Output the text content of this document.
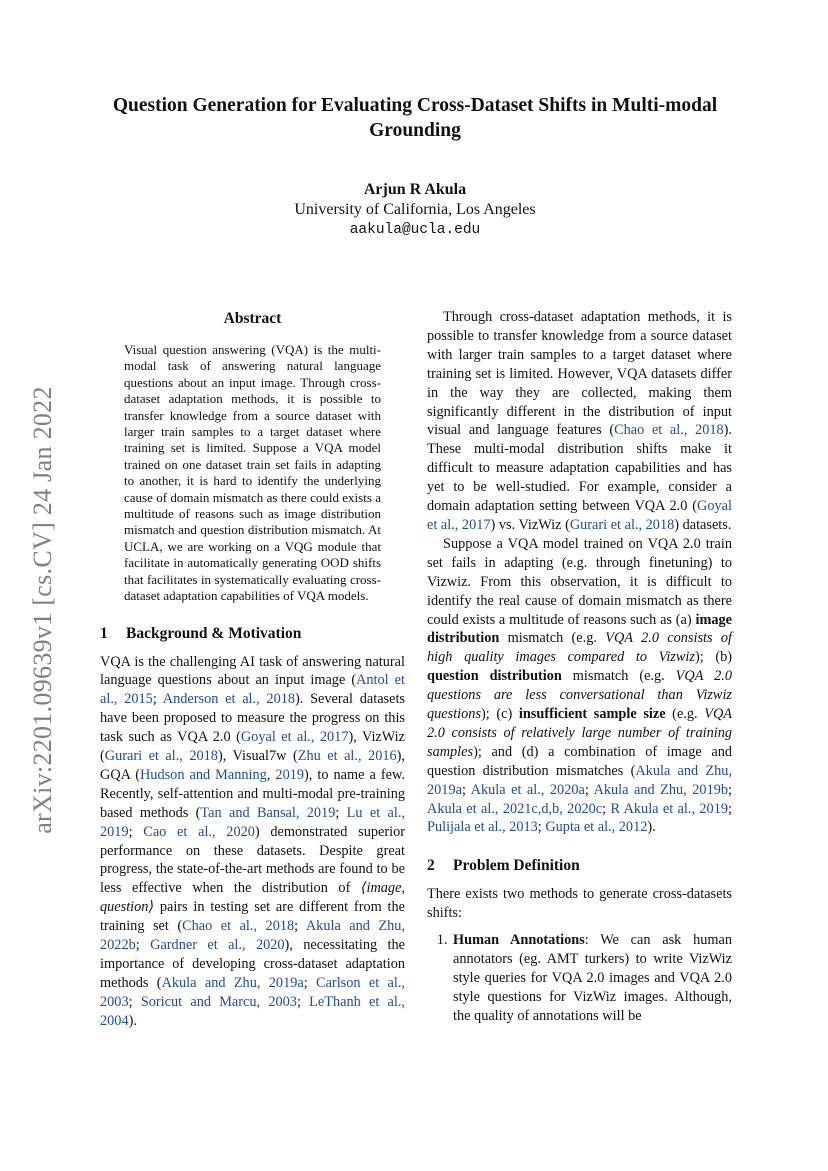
arXiv:2201.09639v1 [cs.CV] 24 Jan 2022
Question Generation for Evaluating Cross-Dataset Shifts in Multi-modal Grounding
Arjun R Akula
University of California, Los Angeles
aakula@ucla.edu
Abstract

Visual question answering (VQA) is the multi-modal task of answering natural language questions about an input image. Through cross-dataset adaptation methods, it is possible to transfer knowledge from a source dataset with larger train samples to a target dataset where training set is limited. Suppose a VQA model trained on one dataset train set fails in adapting to another, it is hard to identify the underlying cause of domain mismatch as there could exists a multitude of reasons such as image distribution mismatch and question distribution mismatch. At UCLA, we are working on a VQG module that facilitate in automatically generating OOD shifts that facilitates in systematically evaluating cross-dataset adaptation capabilities of VQA models.

1 Background & Motivation

VQA is the challenging AI task of answering natural language questions about an input image (Antol et al., 2015; Anderson et al., 2018). Several datasets have been proposed to measure the progress on this task such as VQA 2.0 (Goyal et al., 2017), VizWiz (Gurari et al., 2018), Visual7w (Zhu et al., 2016), GQA (Hudson and Manning, 2019), to name a few. Recently, self-attention and multi-modal pre-training based methods (Tan and Bansal, 2019; Lu et al., 2019; Cao et al., 2020) demonstrated superior performance on these datasets. Despite great progress, the state-of-the-art methods are found to be less effective when the distribution of ⟨image, question⟩ pairs in testing set are different from the training set (Chao et al., 2018; Akula and Zhu, 2022b; Gardner et al., 2020), necessitating the importance of developing cross-dataset adaptation methods (Akula and Zhu, 2019a; Carlson et al., 2003; Soricut and Marcu, 2003; LeThanh et al., 2004).

Through cross-dataset adaptation methods, it is possible to transfer knowledge from a source dataset with larger train samples to a target dataset where training set is limited. However, VQA datasets differ in the way they are collected, making them significantly different in the distribution of input visual and language features (Chao et al., 2018). These multi-modal distribution shifts make it difficult to measure adaptation capabilities and has yet to be well-studied. For example, consider a domain adaptation setting between VQA 2.0 (Goyal et al., 2017) vs. VizWiz (Gurari et al., 2018) datasets.

Suppose a VQA model trained on VQA 2.0 train set fails in adapting (e.g. through finetuning) to Vizwiz. From this observation, it is difficult to identify the real cause of domain mismatch as there could exists a multitude of reasons such as (a) image distribution mismatch (e.g. VQA 2.0 consists of high quality images compared to Vizwiz); (b) question distribution mismatch (e.g. VQA 2.0 questions are less conversational than Vizwiz questions); (c) insufficient sample size (e.g. VQA 2.0 consists of relatively large number of training samples); and (d) a combination of image and question distribution mismatches (Akula and Zhu, 2019a; Akula et al., 2020a; Akula and Zhu, 2019b; Akula et al., 2021c,d,b, 2020c; R Akula et al., 2019; Pulijala et al., 2013; Gupta et al., 2012).

2 Problem Definition

There exists two methods to generate cross-datasets shifts:

1. Human Annotations: We can ask human annotators (eg. AMT turkers) to write VizWiz style queries for VQA 2.0 images and VQA 2.0 style questions for VizWiz images. Although, the quality of annotations will be
